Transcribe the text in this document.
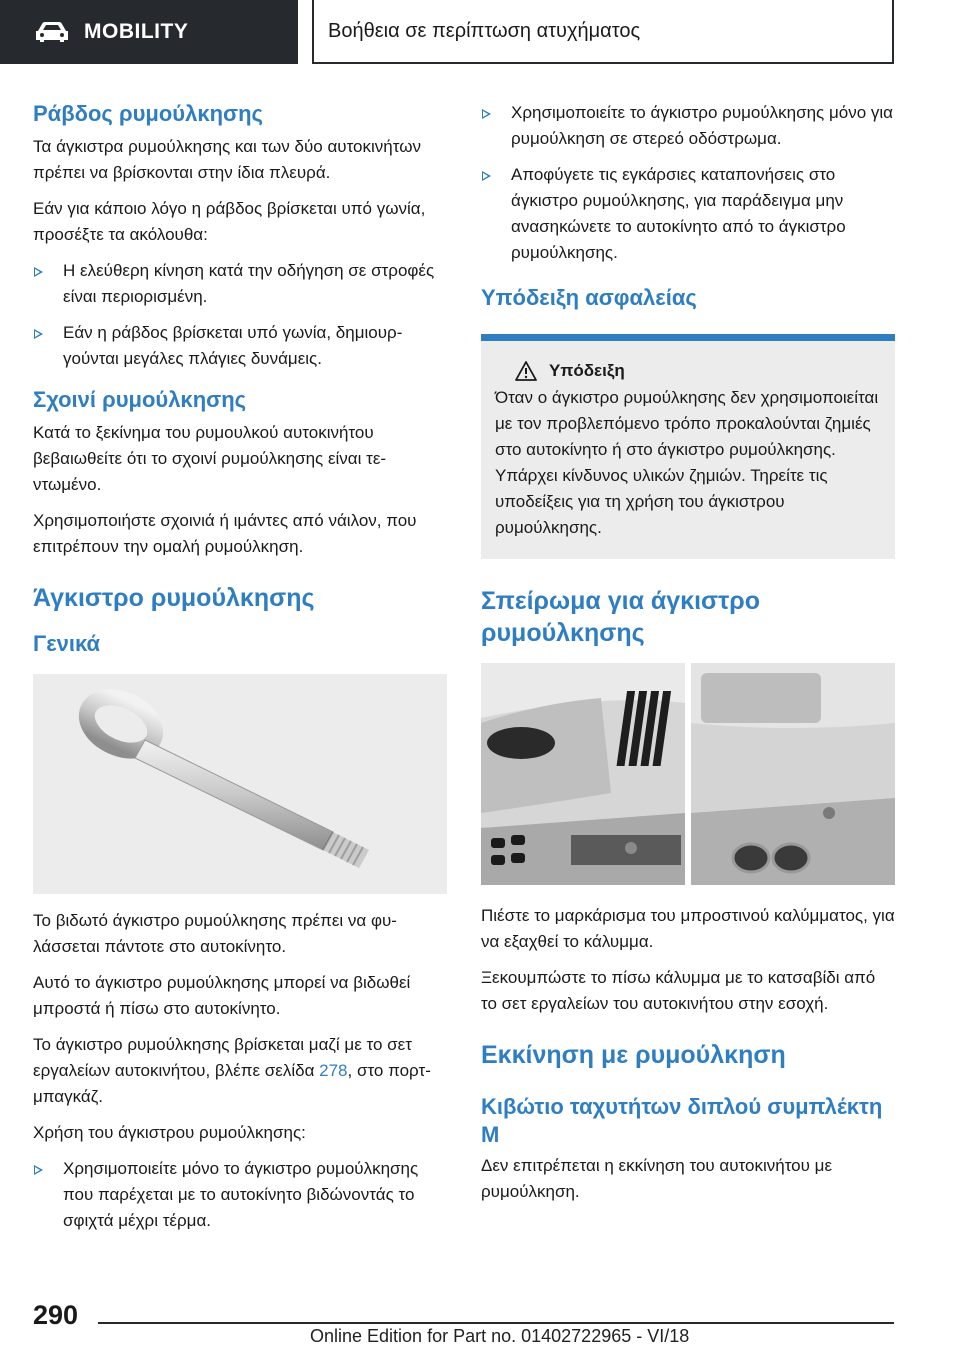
MOBILITY	Βοήθεια σε περίπτωση ατυχήματος
Ράβδος ρυμούλκησης

Τα άγκιστρα ρυμούλκησης και των δύο αυτοκινήτων πρέπει να βρίσκονται στην ίδια πλευρά.

Εάν για κάποιο λόγο η ράβδος βρίσκεται υπό γωνία, προσέξτε τα ακόλουθα:

Η ελεύθερη κίνηση κατά την οδήγηση σε στροφές είναι περιορισμένη.
Εάν η ράβδος βρίσκεται υπό γωνία, δημιουργούνται μεγάλες πλάγιες δυνάμεις.
Σχοινί ρυμούλκησης

Κατά το ξεκίνημα του ρυμουλκού αυτοκινήτου βεβαιωθείτε ότι το σχοινί ρυμούλκησης είναι τεντωμένο.

Χρησιμοποιήστε σχοινιά ή ιμάντες από νάιλον, που επιτρέπουν την ομαλή ρυμούλκηση.

Άγκιστρο ρυμούλκησης
Γενικά

Το βιδωτό άγκιστρο ρυμούλκησης πρέπει να φυλάσσεται πάντοτε στο αυτοκίνητο.

Αυτό το άγκιστρο ρυμούλκησης μπορεί να βιδωθεί μπροστά ή πίσω στο αυτοκίνητο.

Το άγκιστρο ρυμούλκησης βρίσκεται μαζί με το σετ εργαλείων αυτοκινήτου, βλέπε σελίδα 278, στο πορτ-μπαγκάζ.

Χρήση του άγκιστρου ρυμούλκησης:

Χρησιμοποιείτε μόνο το άγκιστρο ρυμούλκησης που παρέχεται με το αυτοκίνητο βιδώνοντάς το σφιχτά μέχρι τέρμα.
Χρησιμοποιείτε το άγκιστρο ρυμούλκησης μόνο για ρυμούλκηση σε στερεό οδόστρωμα.
Αποφύγετε τις εγκάρσιες καταπονήσεις στο άγκιστρο ρυμούλκησης, για παράδειγμα μην ανασηκώνετε το αυτοκίνητο από το άγκιστρο ρυμούλκησης.
Υπόδειξη ασφαλείας
Υπόδειξη

Όταν ο άγκιστρο ρυμούλκησης δεν χρησιμοποιείται με τον προβλεπόμενο τρόπο προκαλούνται ζημιές στο αυτοκίνητο ή στο άγκιστρο ρυμούλκησης. Υπάρχει κίνδυνος υλικών ζημιών. Τηρείτε τις υποδείξεις για τη χρήση του άγκιστρου ρυμούλκησης.

Σπείρωμα για άγκιστρο ρυμούλκησης

Πιέστε το μαρκάρισμα του μπροστινού καλύμματος, για να εξαχθεί το κάλυμμα.

Ξεκουμπώστε το πίσω κάλυμμα με το κατσαβίδι από το σετ εργαλείων του αυτοκινήτου στην εσοχή.

Εκκίνηση με ρυμούλκηση
Κιβώτιο ταχυτήτων διπλού συμπλέκτη M

Δεν επιτρέπεται η εκκίνηση του αυτοκινήτου με ρυμούλκηση.

290
Online Edition for Part no. 01402722965 - VI/18
